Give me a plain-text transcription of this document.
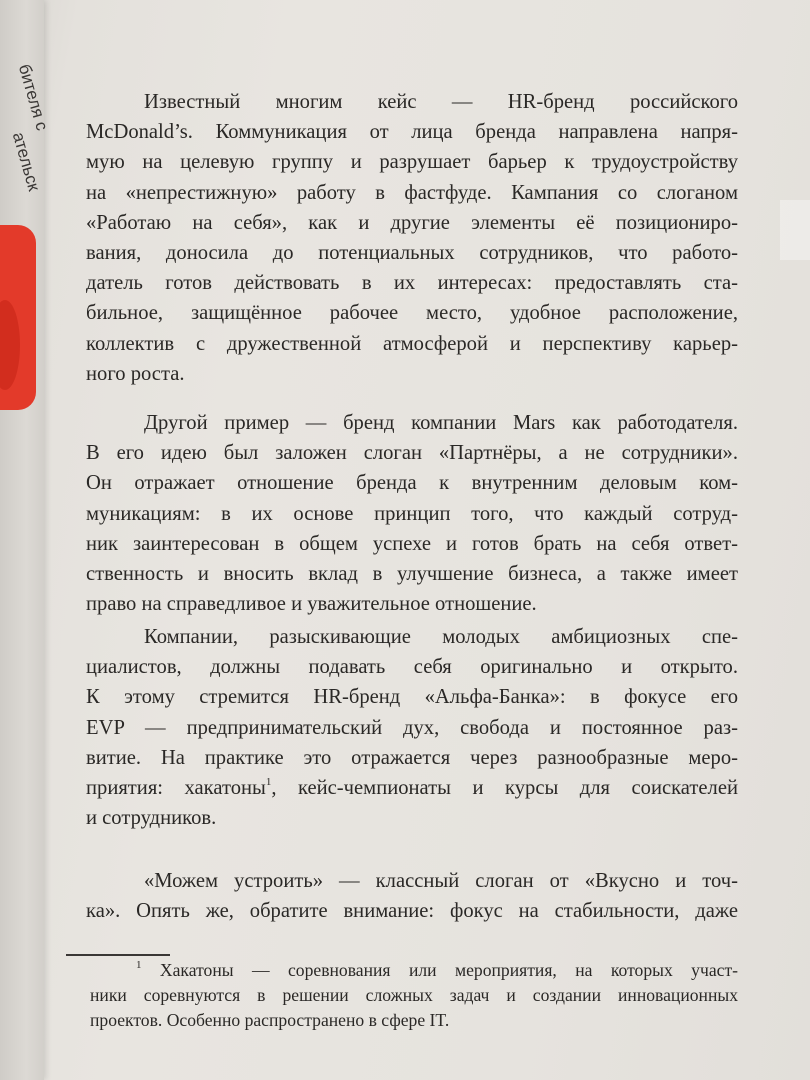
бителя с
ательск
Известный многим кейс — HR-бренд российского
McDonald’s. Коммуникация от лица бренда направлена напря-
мую на целевую группу и разрушает барьер к трудоустройству
на «непрестижную» работу в фастфуде. Кампания со слоганом
«Работаю на себя», как и другие элементы её позициониро-
вания, доносила до потенциальных сотрудников, что работо-
датель готов действовать в их интересах: предоставлять ста-
бильное, защищённое рабочее место, удобное расположение,
коллектив с дружественной атмосферой и перспективу карьер-
ного роста.
Другой пример — бренд компании Mars как работодателя.
В его идею был заложен слоган «Партнёры, а не сотрудники».
Он отражает отношение бренда к внутренним деловым ком-
муникациям: в их основе принцип того, что каждый сотруд-
ник заинтересован в общем успехе и готов брать на себя ответ-
ственность и вносить вклад в улучшение бизнеса, а также имеет
право на справедливое и уважительное отношение.
Компании, разыскивающие молодых амбициозных спе-
циалистов, должны подавать себя оригинально и открыто.
К этому стремится HR-бренд «Альфа-Банка»: в фокусе его
EVP — предпринимательский дух, свобода и постоянное раз-
витие. На практике это отражается через разнообразные меро-
приятия: хакатоны$^1$, кейс-чемпионаты и курсы для соискателей
и сотрудников.
«Можем устроить» — классный слоган от «Вкусно и точ-
ка». Опять же, обратите внимание: фокус на стабильности, даже
$^1$ Хакатоны — соревнования или мероприятия, на которых участ-
ники соревнуются в решении сложных задач и создании инновационных
проектов. Особенно распространено в сфере IT.
